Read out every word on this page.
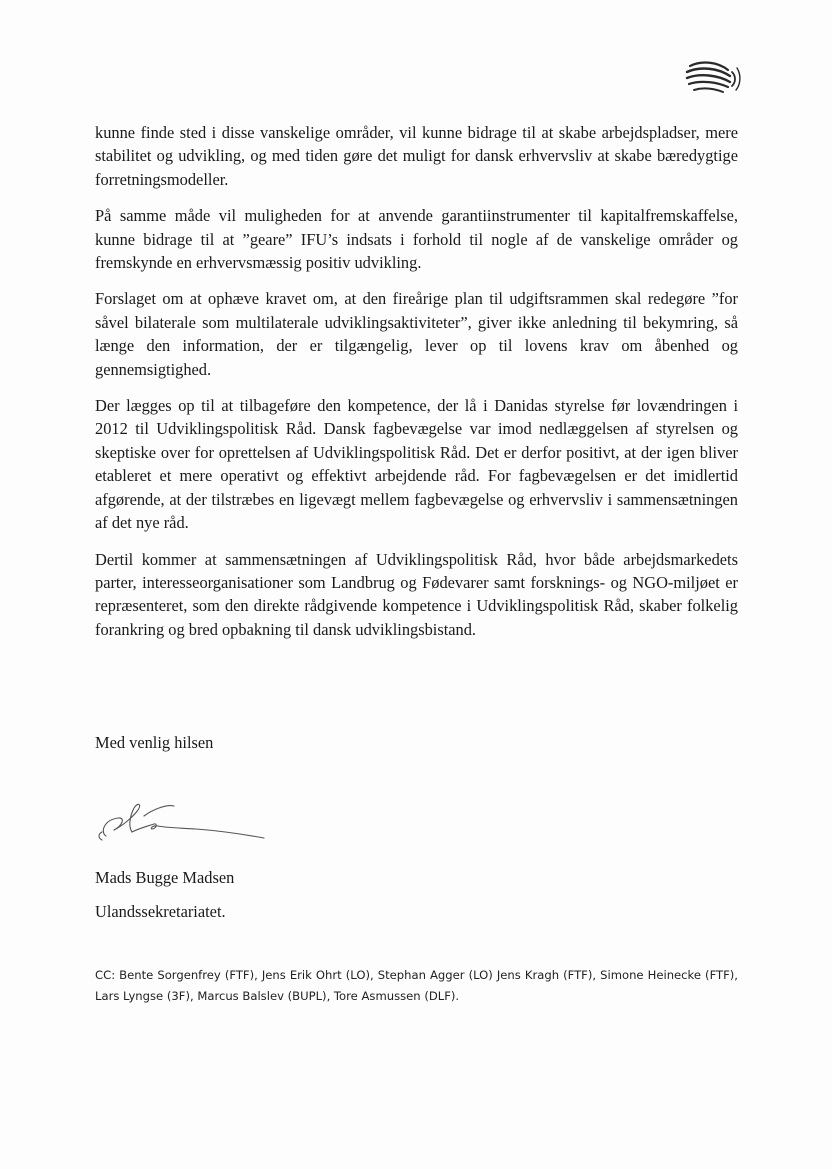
kunne finde sted i disse vanskelige områder, vil kunne bidrage til at skabe arbejdspladser, mere stabilitet og udvikling, og med tiden gøre det muligt for dansk erhvervsliv at skabe bæredygtige forretningsmodeller.

På samme måde vil muligheden for at anvende garantiinstrumenter til kapitalfremskaffelse, kunne bidrage til at ”geare” IFU’s indsats i forhold til nogle af de vanskelige områder og fremskynde en erhvervsmæssig positiv udvikling.

Forslaget om at ophæve kravet om, at den fireårige plan til udgiftsrammen skal redegøre ”for såvel bilaterale som multilaterale udviklingsaktiviteter”, giver ikke anledning til bekymring, så længe den information, der er tilgængelig, lever op til lovens krav om åbenhed og gennemsigtighed.

Der lægges op til at tilbageføre den kompetence, der lå i Danidas styrelse før lovændringen i 2012 til Udviklingspolitisk Råd. Dansk fagbevægelse var imod nedlæggelsen af styrelsen og skeptiske over for oprettelsen af Udviklingspolitisk Råd. Det er derfor positivt, at der igen bliver etableret et mere operativt og effektivt arbejdende råd. For fagbevægelsen er det imidlertid afgørende, at der tilstræbes en ligevægt mellem fagbevægelse og erhvervsliv i sammensætningen af det nye råd.

Dertil kommer at sammensætningen af Udviklingspolitisk Råd, hvor både arbejdsmarkedets parter, interesseorganisationer som Landbrug og Fødevarer samt forsknings- og NGO-miljøet er repræsenteret, som den direkte rådgivende kompetence i Udviklingspolitisk Råd, skaber folkelig forankring og bred opbakning til dansk udviklingsbistand.

Med venlig hilsen
Mads Bugge Madsen
Ulandssekretariatet.
CC: Bente Sorgenfrey (FTF), Jens Erik Ohrt (LO), Stephan Agger (LO) Jens Kragh (FTF), Simone Heinecke (FTF), Lars Lyngse (3F), Marcus Balslev (BUPL), Tore Asmussen (DLF).
